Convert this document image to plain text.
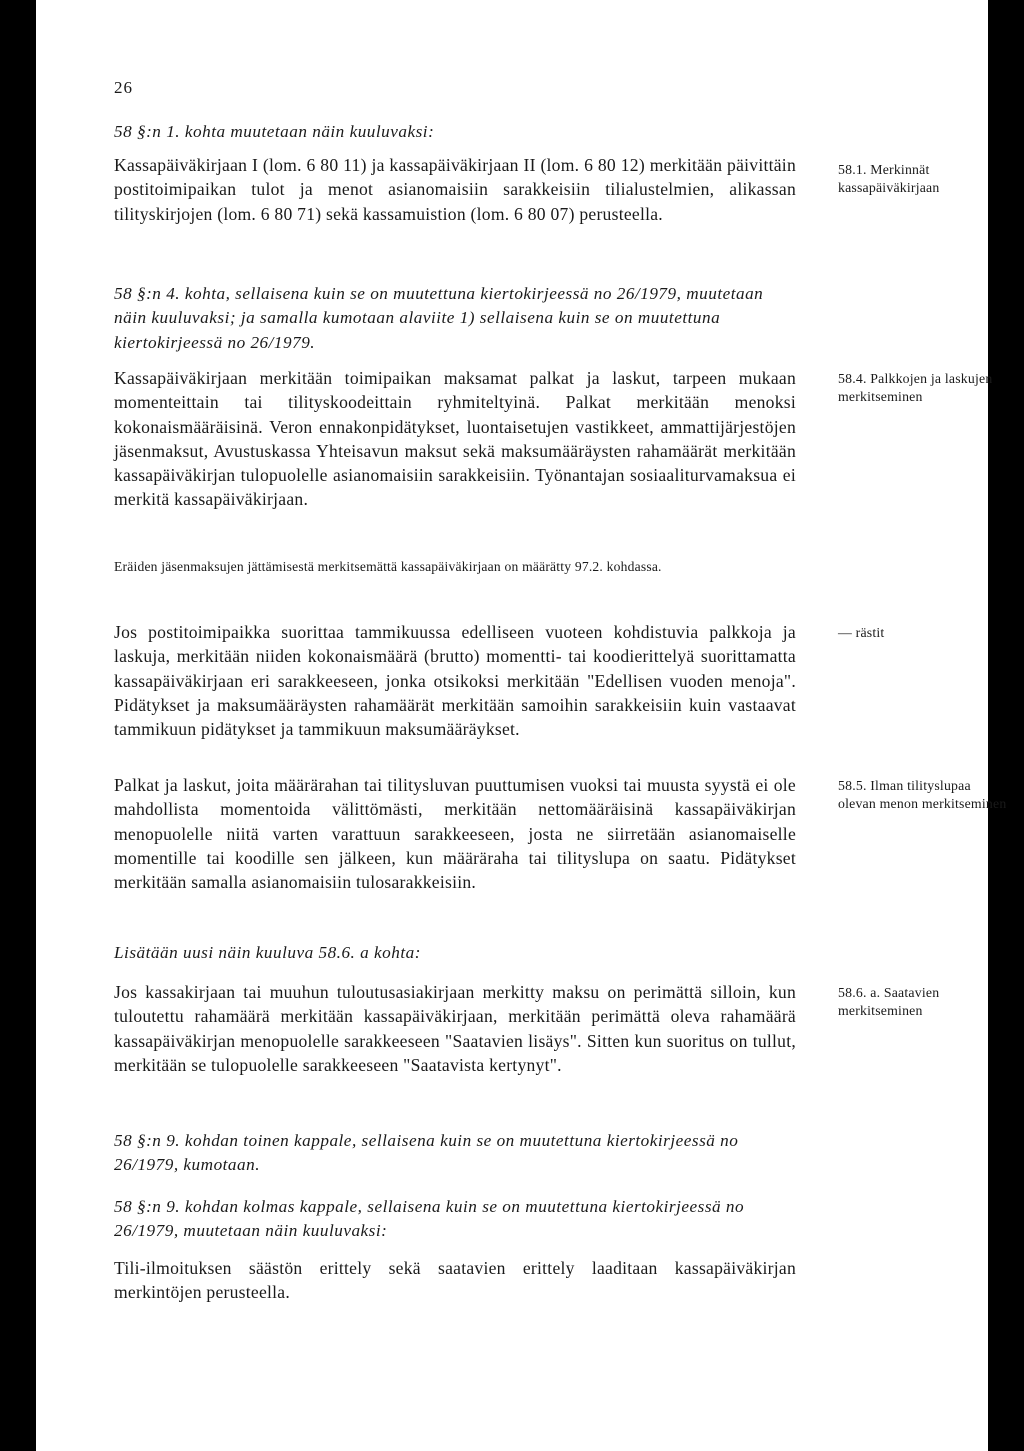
26

58 §:n 1. kohta muutetaan näin kuuluvaksi:

Kassapäiväkirjaan I (lom. 6 80 11) ja kassapäiväkirjaan II (lom. 6 80 12) merkitään päivittäin postitoimipaikan tulot ja menot asianomaisiin sarakkeisiin tilialustelmien, alikassan tilityskirjojen (lom. 6 80 71) sekä kassamuistion (lom. 6 80 07) perusteella.

58.1. Merkinnät kassapäiväkirjaan

58 §:n 4. kohta, sellaisena kuin se on muutettuna kiertokirjeessä no 26/1979, muutetaan näin kuuluvaksi; ja samalla kumotaan alaviite 1) sellaisena kuin se on muutettuna kiertokirjeessä no 26/1979.

Kassapäiväkirjaan merkitään toimipaikan maksamat palkat ja laskut, tarpeen mukaan momenteittain tai tilityskoodeittain ryhmiteltyinä. Palkat merkitään menoksi kokonaismääräisinä. Veron ennakonpidätykset, luontaisetujen vastikkeet, ammattijärjestöjen jäsenmaksut, Avustuskassa Yhteisavun maksut sekä maksumääräysten rahamäärät merkitään kassapäiväkirjan tulopuolelle asianomaisiin sarakkeisiin. Työnantajan sosiaaliturvamaksua ei merkitä kassapäiväkirjaan.

58.4. Palkkojen ja laskujen merkitseminen

Eräiden jäsenmaksujen jättämisestä merkitsemättä kassapäiväkirjaan on määrätty 97.2. kohdassa.

Jos postitoimipaikka suorittaa tammikuussa edelliseen vuoteen kohdistuvia palkkoja ja laskuja, merkitään niiden kokonaismäärä (brutto) momentti- tai koodierittelyä suorittamatta kassapäiväkirjaan eri sarakkeeseen, jonka otsikoksi merkitään "Edellisen vuoden menoja". Pidätykset ja maksumääräysten rahamäärät merkitään samoihin sarakkeisiin kuin vastaavat tammikuun pidätykset ja tammikuun maksumääräykset.

— rästit

Palkat ja laskut, joita määrärahan tai tilitysluvan puuttumisen vuoksi tai muusta syystä ei ole mahdollista momentoida välittömästi, merkitään nettomääräisinä kassapäiväkirjan menopuolelle niitä varten varattuun sarakkeeseen, josta ne siirretään asianomaiselle momentille tai koodille sen jälkeen, kun määräraha tai tilityslupa on saatu. Pidätykset merkitään samalla asianomaisiin tulosarakkeisiin.

58.5. Ilman tilityslupaa olevan menon merkitseminen

Lisätään uusi näin kuuluva 58.6. a kohta:

Jos kassakirjaan tai muuhun tuloutusasiakirjaan merkitty maksu on perimättä silloin, kun tuloutettu rahamäärä merkitään kassapäiväkirjaan, merkitään perimättä oleva rahamäärä kassapäiväkirjan menopuolelle sarakkeeseen "Saatavien lisäys". Sitten kun suoritus on tullut, merkitään se tulopuolelle sarakkeeseen "Saatavista kertynyt".

58.6. a. Saatavien merkitseminen

58 §:n 9. kohdan toinen kappale, sellaisena kuin se on muutettuna kiertokirjeessä no 26/1979, kumotaan.

58 §:n 9. kohdan kolmas kappale, sellaisena kuin se on muutettuna kiertokirjeessä no 26/1979, muutetaan näin kuuluvaksi:

Tili-ilmoituksen säästön erittely sekä saatavien erittely laaditaan kassapäiväkirjan merkintöjen perusteella.
